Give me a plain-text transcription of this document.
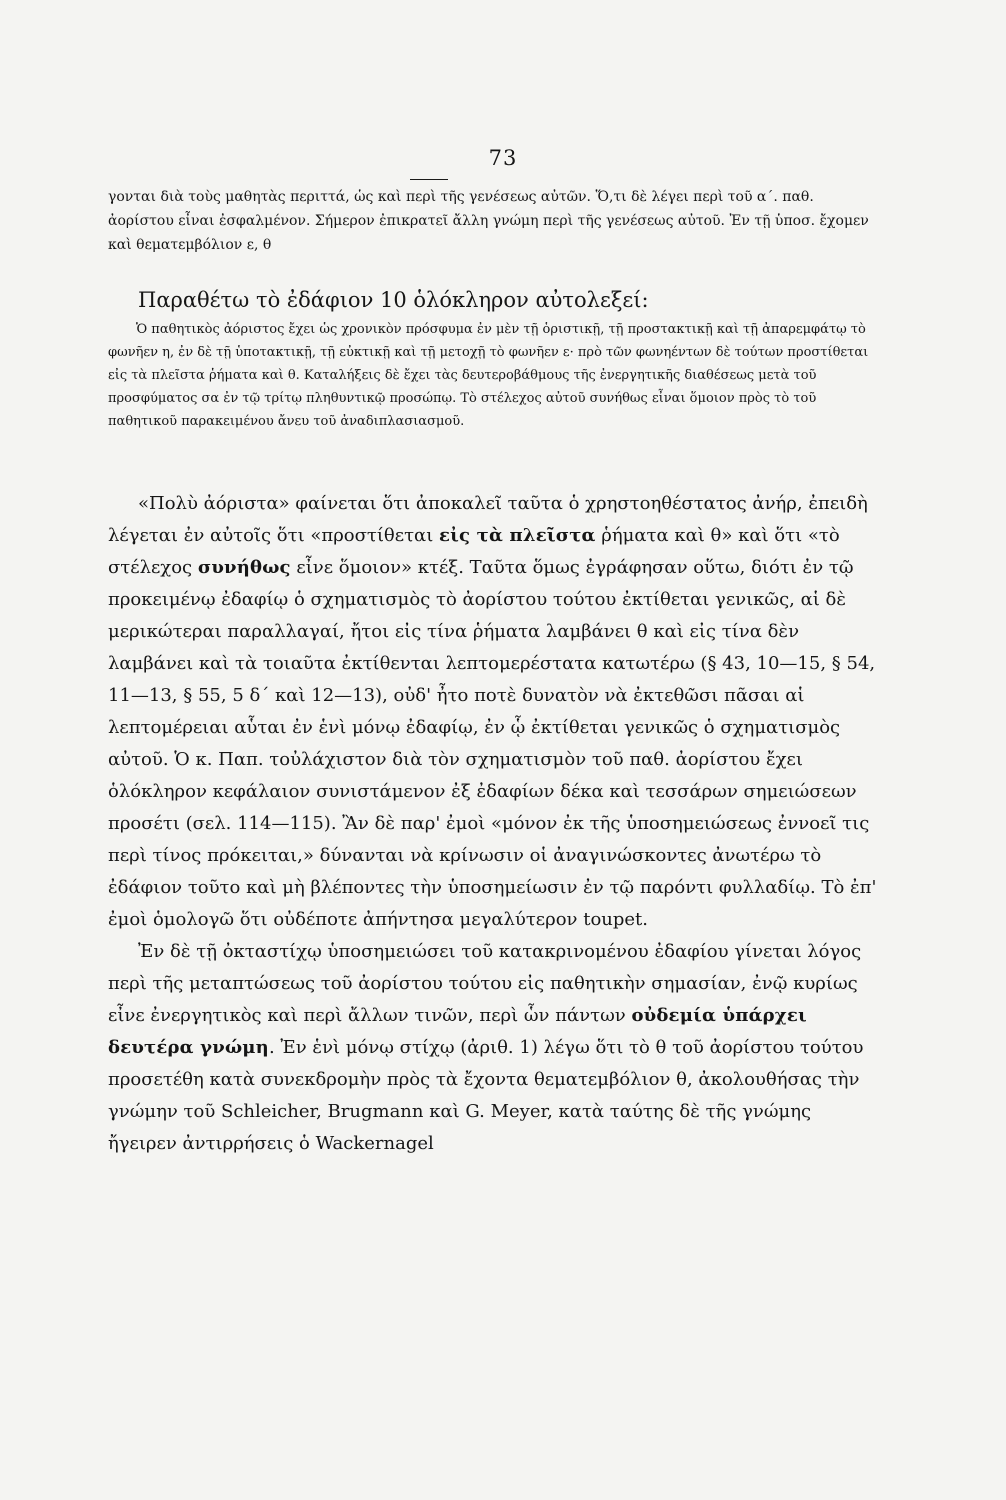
73
γονται διὰ τοὺς μαθητὰς περιττά, ὡς καὶ περὶ τῆς γενέσεως αὐτῶν. Ὅ,τι δὲ λέγει περὶ τοῦ α΄. παθ. ἀορίστου εἶναι ἐσφαλμένον. Σήμερον ἐπικρατεῖ ἄλλη γνώμη περὶ τῆς γενέσεως αὐτοῦ. Ἐν τῇ ὑποσ. ἔχομεν καὶ θεματεμβόλιον ε, θ
Παραθέτω τὸ ἐδάφιον 10 ὁλόκληρον αὐτολεξεί:
Ὁ παθητικὸς ἀόριστος ἔχει ὡς χρονικὸν πρόσφυμα ἐν μὲν τῇ ὁριστικῇ, τῇ προστακτικῇ καὶ τῇ ἀπαρεμφάτῳ τὸ φωνῆεν η, ἐν δὲ τῇ ὑποτακτικῇ, τῇ εὐκτικῇ καὶ τῇ μετοχῇ τὸ φωνῆεν ε· πρὸ τῶν φωνηέντων δὲ τούτων προστίθεται εἰς τὰ πλεῖστα ῥήματα καὶ θ. Καταλήξεις δὲ ἔχει τὰς δευτεροβάθμους τῆς ἐνεργητικῆς διαθέσεως μετὰ τοῦ προσφύματος σα ἐν τῷ τρίτῳ πληθυντικῷ προσώπῳ. Τὸ στέλεχος αὐτοῦ συνήθως εἶναι ὅμοιον πρὸς τὸ τοῦ παθητικοῦ παρακειμένου ἄνευ τοῦ ἀναδιπλασιασμοῦ.

«Πολὺ ἀόριστα» φαίνεται ὅτι ἀποκαλεῖ ταῦτα ὁ χρηστοηθέστατος ἀνήρ, ἐπειδὴ λέγεται ἐν αὐτοῖς ὅτι «προστίθεται εἰς τὰ πλεῖστα ῥήματα καὶ θ» καὶ ὅτι «τὸ στέλεχος συνήθως εἶνε ὅμοιον» κτέξ. Ταῦτα ὅμως ἐγράφησαν οὕτω, διότι ἐν τῷ προκειμένῳ ἐδαφίῳ ὁ σχηματισμὸς τὸ ἀορίστου τούτου ἐκτίθεται γενικῶς, αἱ δὲ μερικώτεραι παραλλαγαί, ἤτοι εἰς τίνα ῥήματα λαμβάνει θ καὶ εἰς τίνα δὲν λαμβάνει καὶ τὰ τοιαῦτα ἐκτίθενται λεπτομερέστατα κατωτέρω (§ 43, 10—15, § 54, 11—13, § 55, 5 δ΄ καὶ 12—13), οὐδ' ἦτο ποτὲ δυνατὸν νὰ ἐκτεθῶσι πᾶσαι αἱ λεπτομέρειαι αὗται ἐν ἑνὶ μόνῳ ἐδαφίῳ, ἐν ᾧ ἐκτίθεται γενικῶς ὁ σχηματισμὸς αὐτοῦ. Ὁ κ. Παπ. τοὐλάχιστον διὰ τὸν σχηματισμὸν τοῦ παθ. ἀορίστου ἔχει ὁλόκληρον κεφάλαιον συνιστάμενον ἐξ ἐδαφίων δέκα καὶ τεσσάρων σημειώσεων προσέτι (σελ. 114—115). Ἂν δὲ παρ' ἐμοὶ «μόνον ἐκ τῆς ὑποσημειώσεως ἐννοεῖ τις περὶ τίνος πρόκειται,» δύνανται νὰ κρίνωσιν οἱ ἀναγινώσκοντες ἀνωτέρω τὸ ἐδάφιον τοῦτο καὶ μὴ βλέποντες τὴν ὑποσημείωσιν ἐν τῷ παρόντι φυλλαδίῳ. Τὸ ἐπ' ἐμοὶ ὁμολογῶ ὅτι οὐδέποτε ἀπήντησα μεγαλύτερον toupet.

Ἐν δὲ τῇ ὀκταστίχῳ ὑποσημειώσει τοῦ κατακρινομένου ἐδαφίου γίνεται λόγος περὶ τῆς μεταπτώσεως τοῦ ἀορίστου τούτου εἰς παθητικὴν σημασίαν, ἐνῷ κυρίως εἶνε ἐνεργητικὸς καὶ περὶ ἄλλων τινῶν, περὶ ὧν πάντων οὐδεμία ὑπάρχει δευτέρα γνώμη. Ἐν ἑνὶ μόνῳ στίχῳ (ἀριθ. 1) λέγω ὅτι τὸ θ τοῦ ἀορίστου τούτου προσετέθη κατὰ συνεκδρομὴν πρὸς τὰ ἔχοντα θεματεμβόλιον θ, ἀκολουθήσας τὴν γνώμην τοῦ Schleicher, Brugmann καὶ G. Meyer, κατὰ ταύτης δὲ τῆς γνώμης ἤγειρεν ἀντιρρήσεις ὁ Wackernagel
